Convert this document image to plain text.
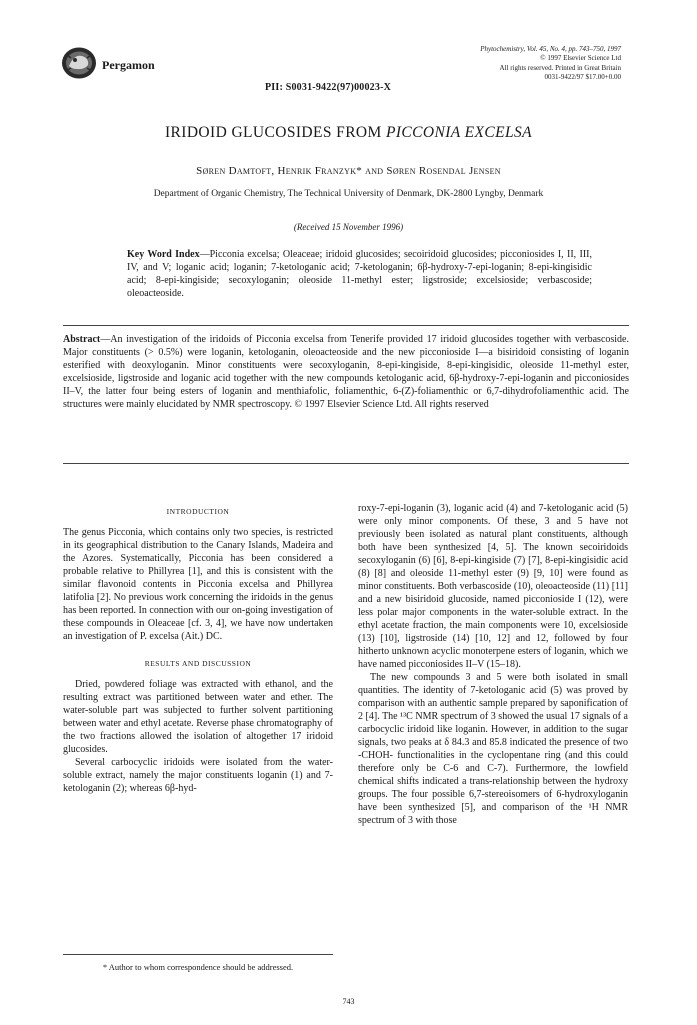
Pergamon
Phytochemistry, Vol. 45, No. 4, pp. 743–750, 1997
© 1997 Elsevier Science Ltd
All rights reserved. Printed in Great Britain
0031-9422/97 $17.00+0.00
PII: S0031-9422(97)00023-X
IRIDOID GLUCOSIDES FROM PICCONIA EXCELSA
Søren Damtoft, Henrik Franzyk* and Søren Rosendal Jensen
Department of Organic Chemistry, The Technical University of Denmark, DK-2800 Lyngby, Denmark
(Received 15 November 1996)
Key Word Index—Picconia excelsa; Oleaceae; iridoid glucosides; secoiridoid glucosides; picconiosides I, II, III, IV, and V; loganic acid; loganin; 7-ketologanic acid; 7-ketologanin; 6β-hydroxy-7-epi-loganin; 8-epi-kingisidic acid; 8-epi-kingiside; secoxyloganin; oleoside 11-methyl ester; ligstroside; excelsioside; verbascoside; oleoacteoside.
Abstract—An investigation of the iridoids of Picconia excelsa from Tenerife provided 17 iridoid glucosides together with verbascoside. Major constituents (> 0.5%) were loganin, ketologanin, oleoacteoside and the new picconioside I—a bisiridoid consisting of loganin esterified with deoxyloganin. Minor constituents were secoxyloganin, 8-epi-kingiside, 8-epi-kingisidic, oleoside 11-methyl ester, excelsioside, ligstroside and loganic acid together with the new compounds ketologanic acid, 6β-hydroxy-7-epi-loganin and picconiosides II–V, the latter four being esters of loganin and menthiafolic, foliamenthic, 6-(Z)-foliamenthic or 6,7-dihydrofoliamenthic acid. The structures were mainly elucidated by NMR spectroscopy. © 1997 Elsevier Science Ltd. All rights reserved
INTRODUCTION

The genus Picconia, which contains only two species, is restricted in its geographical distribution to the Canary Islands, Madeira and the Azores. Systematically, Picconia has been considered a probable relative to Phillyrea [1], and this is consistent with the similar flavonoid contents in Picconia excelsa and Phillyrea latifolia [2]. No previous work concerning the iridoids in the genus has been reported. In connection with our on-going investigation of these compounds in Oleaceae [cf. 3, 4], we have now undertaken an investigation of P. excelsa (Ait.) DC.

RESULTS AND DISCUSSION

Dried, powdered foliage was extracted with ethanol, and the resulting extract was partitioned between water and ether. The water-soluble part was subjected to further solvent partitioning between water and ethyl acetate. Reverse phase chromatography of the two fractions allowed the isolation of altogether 17 iridoid glucosides.

Several carbocyclic iridoids were isolated from the water-soluble extract, namely the major constituents loganin (1) and 7-ketologanin (2); whereas 6β-hyd-

roxy-7-epi-loganin (3), loganic acid (4) and 7-ketologanic acid (5) were only minor components. Of these, 3 and 5 have not previously been isolated as natural plant constituents, although both have been synthesized [4, 5]. The known secoiridoids secoxyloganin (6) [6], 8-epi-kingiside (7) [7], 8-epi-kingisidic acid (8) [8] and oleoside 11-methyl ester (9) [9, 10] were found as minor constituents. Both verbascoside (10), oleoacteoside (11) [11] and a new bisiridoid glucoside, named picconioside I (12), were less polar major components in the water-soluble extract. In the ethyl acetate fraction, the main components were 10, excelsioside (13) [10], ligstroside (14) [10, 12] and 12, followed by four hitherto unknown acyclic monoterpene esters of loganin, which we have named picconiosides II–V (15–18).

The new compounds 3 and 5 were both isolated in small quantities. The identity of 7-ketologanic acid (5) was proved by comparison with an authentic sample prepared by saponification of 2 [4]. The ¹³C NMR spectrum of 3 showed the usual 17 signals of a carbocyclic iridoid like loganin. However, in addition to the sugar signals, two peaks at δ 84.3 and 85.8 indicated the presence of two -CHOH- functionalities in the cyclopentane ring (and this could therefore only be C-6 and C-7). Furthermore, the lowfield chemical shifts indicated a trans-relationship between the hydroxy groups. The four possible 6,7-stereoisomers of 6-hydroxyloganin have been synthesized [5], and comparison of the ¹H NMR spectrum of 3 with those

* Author to whom correspondence should be addressed.
743
